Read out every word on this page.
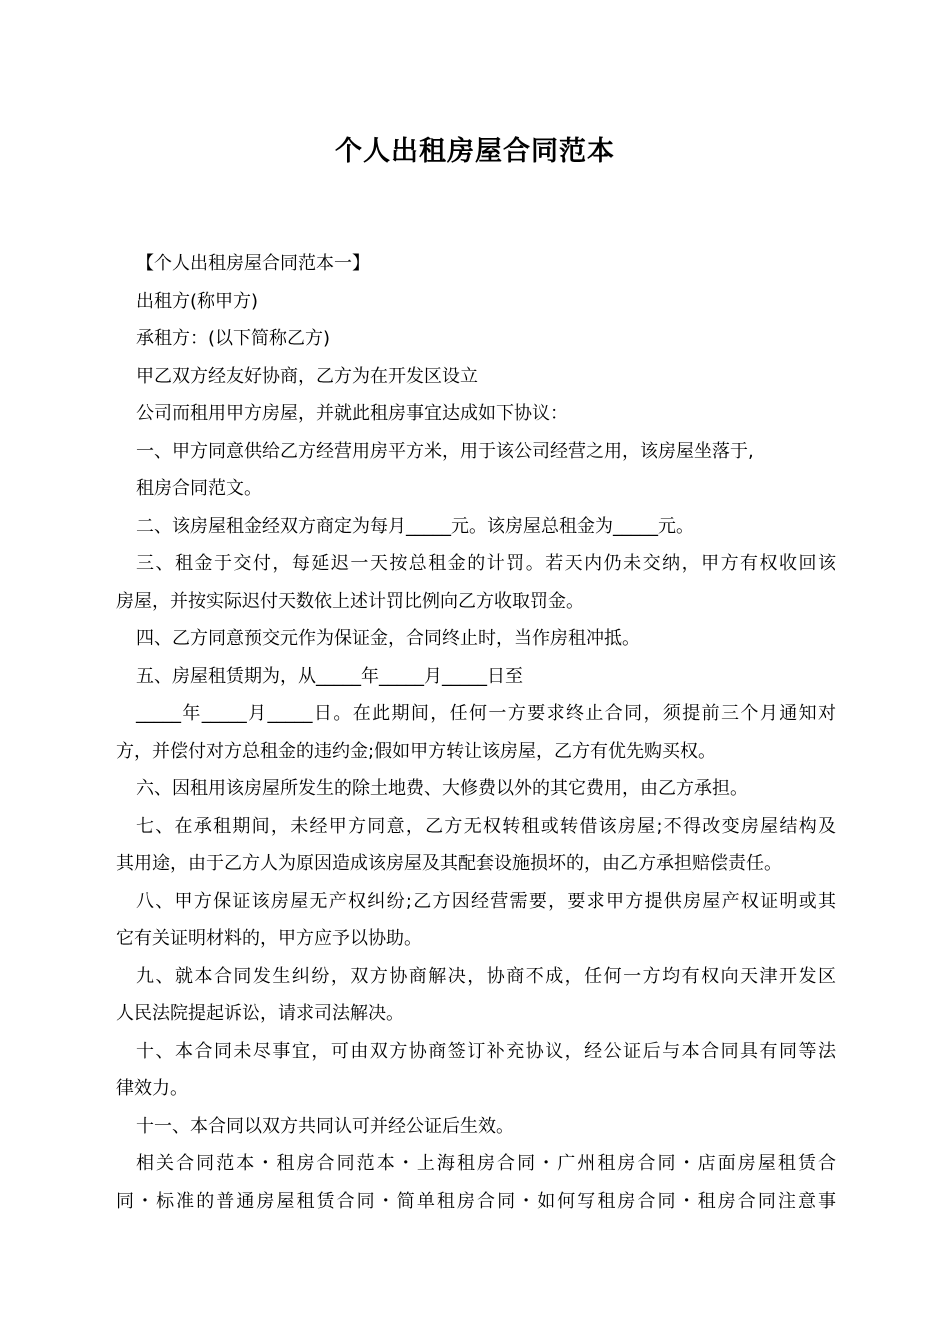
个人出租房屋合同范本

【个人出租房屋合同范本一】

出租方(称甲方)

承租方：(以下简称乙方)

甲乙双方经友好协商，乙方为在开发区设立

公司而租用甲方房屋，并就此租房事宜达成如下协议：

一、甲方同意供给乙方经营用房平方米，用于该公司经营之用，该房屋坐落于,

租房合同范文。

二、该房屋租金经双方商定为每月_____元。该房屋总租金为_____元。

三、租金于交付，每延迟一天按总租金的计罚。若天内仍未交纳，甲方有权收回该

房屋，并按实际迟付天数依上述计罚比例向乙方收取罚金。

四、乙方同意预交元作为保证金，合同终止时，当作房租冲抵。

五、房屋租赁期为，从_____年_____月_____日至

_____年_____月_____日。在此期间，任何一方要求终止合同，须提前三个月通知对

方，并偿付对方总租金的违约金;假如甲方转让该房屋，乙方有优先购买权。

六、因租用该房屋所发生的除土地费、大修费以外的其它费用，由乙方承担。

七、在承租期间，未经甲方同意，乙方无权转租或转借该房屋;不得改变房屋结构及

其用途，由于乙方人为原因造成该房屋及其配套设施损坏的，由乙方承担赔偿责任。

八、甲方保证该房屋无产权纠纷;乙方因经营需要，要求甲方提供房屋产权证明或其

它有关证明材料的，甲方应予以协助。

九、就本合同发生纠纷，双方协商解决，协商不成，任何一方均有权向天津开发区

人民法院提起诉讼，请求司法解决。

十、本合同未尽事宜，可由双方协商签订补充协议，经公证后与本合同具有同等法

律效力。

十一、本合同以双方共同认可并经公证后生效。

相关合同范本・租房合同范本・上海租房合同・广州租房合同・店面房屋租赁合

同・标准的普通房屋租赁合同・简单租房合同・如何写租房合同・租房合同注意事
